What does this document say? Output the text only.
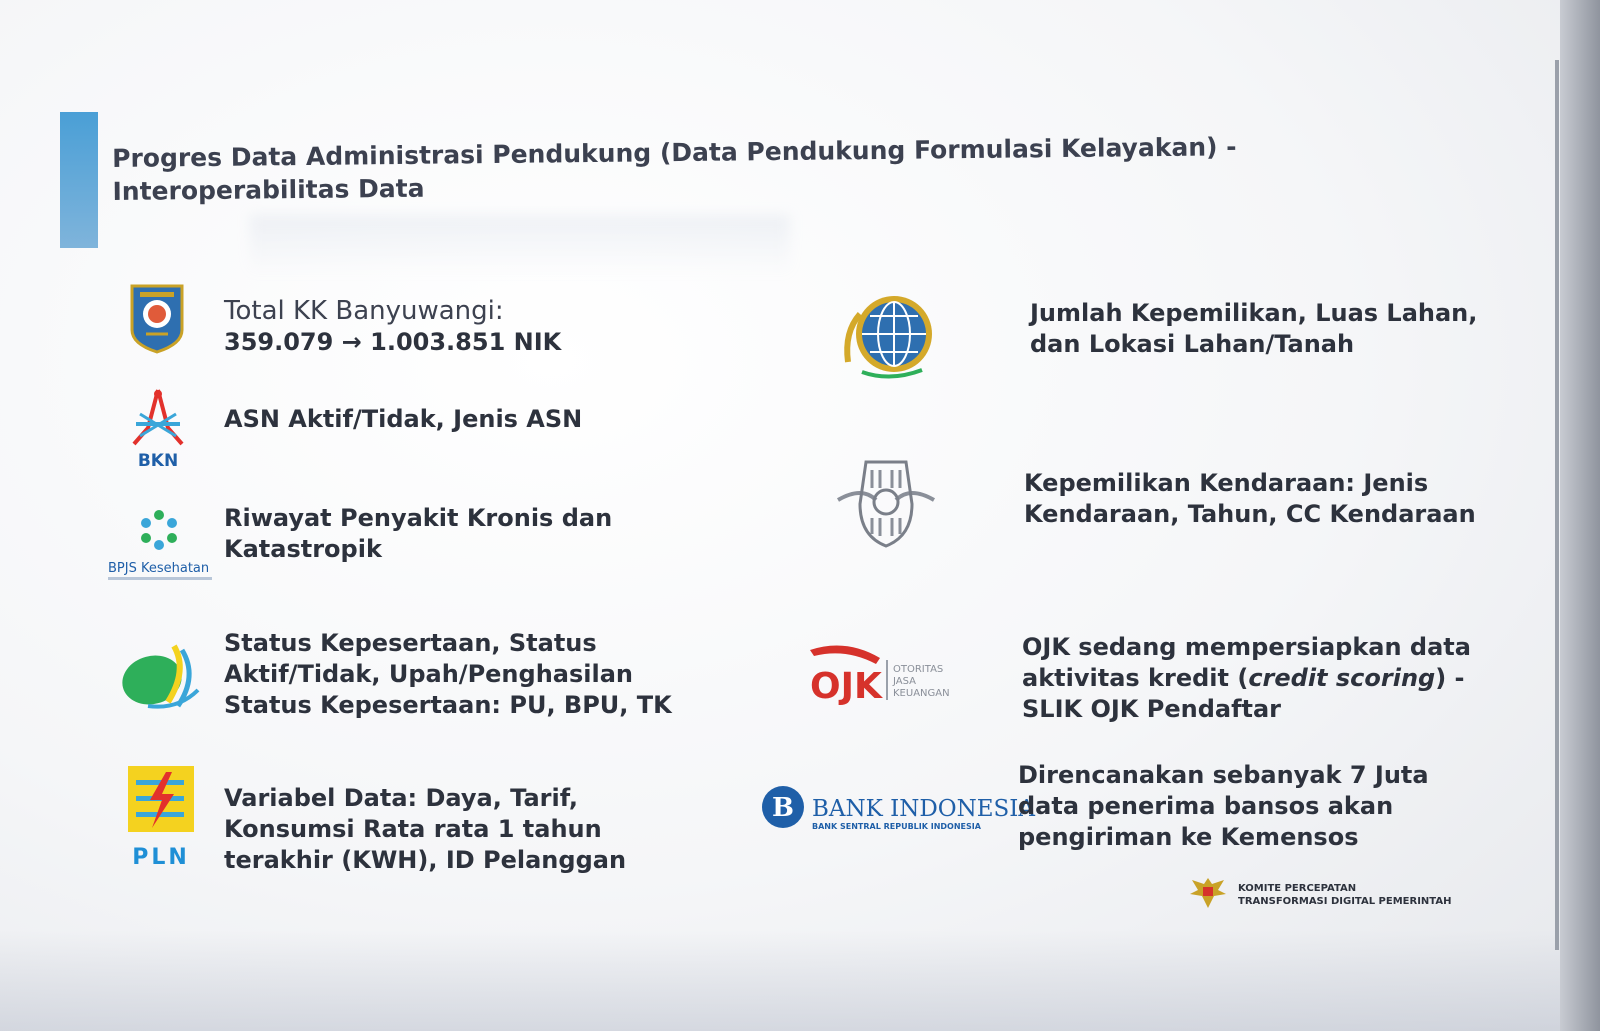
Progres Data Administrasi Pendukung (Data Pendukung Formulasi Kelayakan) -
Interoperabilitas Data
Total KK Banyuwangi:
359.079 → 1.003.851 NIK
BKN
ASN Aktif/Tidak, Jenis ASN
BPJS Kesehatan
Riwayat Penyakit Kronis dan
Katastropik
Status Kepesertaan, Status
Aktif/Tidak, Upah/Penghasilan
Status Kepesertaan: PU, BPU, TK
PLN
Variabel Data: Daya, Tarif,
Konsumsi Rata rata 1 tahun
terakhir (KWH), ID Pelanggan
Jumlah Kepemilikan, Luas Lahan,
dan Lokasi Lahan/Tanah
Kepemilikan Kendaraan: Jenis
Kendaraan, Tahun, CC Kendaraan
OJK OTORITAS
JASA
KEUANGAN
OJK sedang mempersiapkan data
aktivitas kredit (credit scoring) -
SLIK OJK Pendaftar
B BANK INDONESIA
BANK SENTRAL REPUBLIK INDONESIA
Direncanakan sebanyak 7 Juta
data penerima bansos akan
pengiriman ke Kemensos
KOMITE PERCEPATAN
TRANSFORMASI DIGITAL PEMERINTAH
